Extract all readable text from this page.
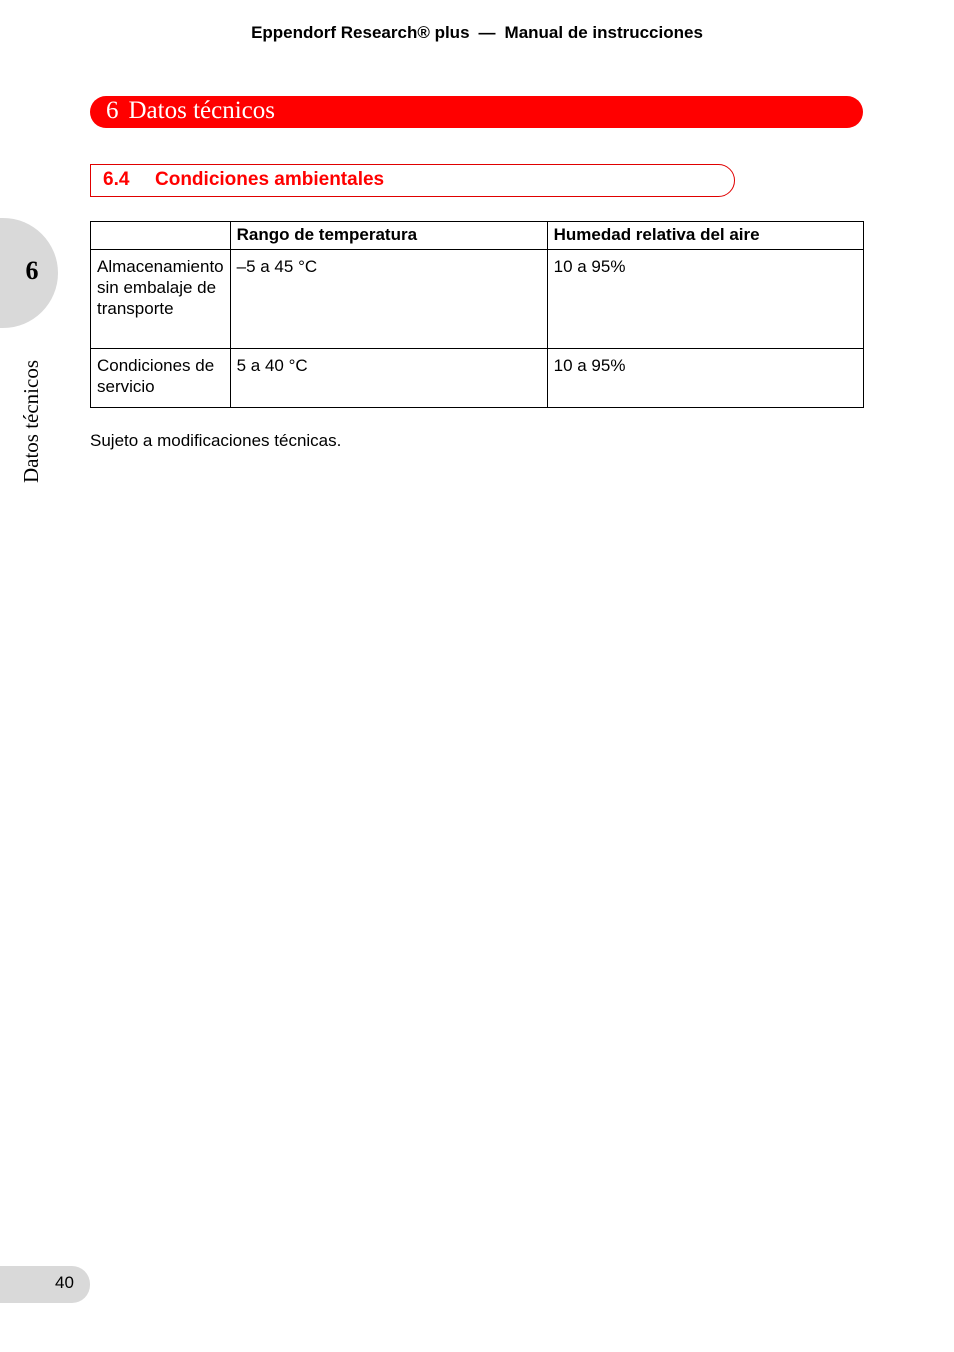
Eppendorf Research® plus — Manual de instrucciones
6 Datos técnicos
6.4 Condiciones ambientales
6
Datos técnicos
	Rango de temperatura	Humedad relativa del aire
Almacenamiento sin embalaje de transporte	–5 a 45 °C	10 a 95%
Condiciones de servicio	5 a 40 °C	10 a 95%
Sujeto a modificaciones técnicas.
40
